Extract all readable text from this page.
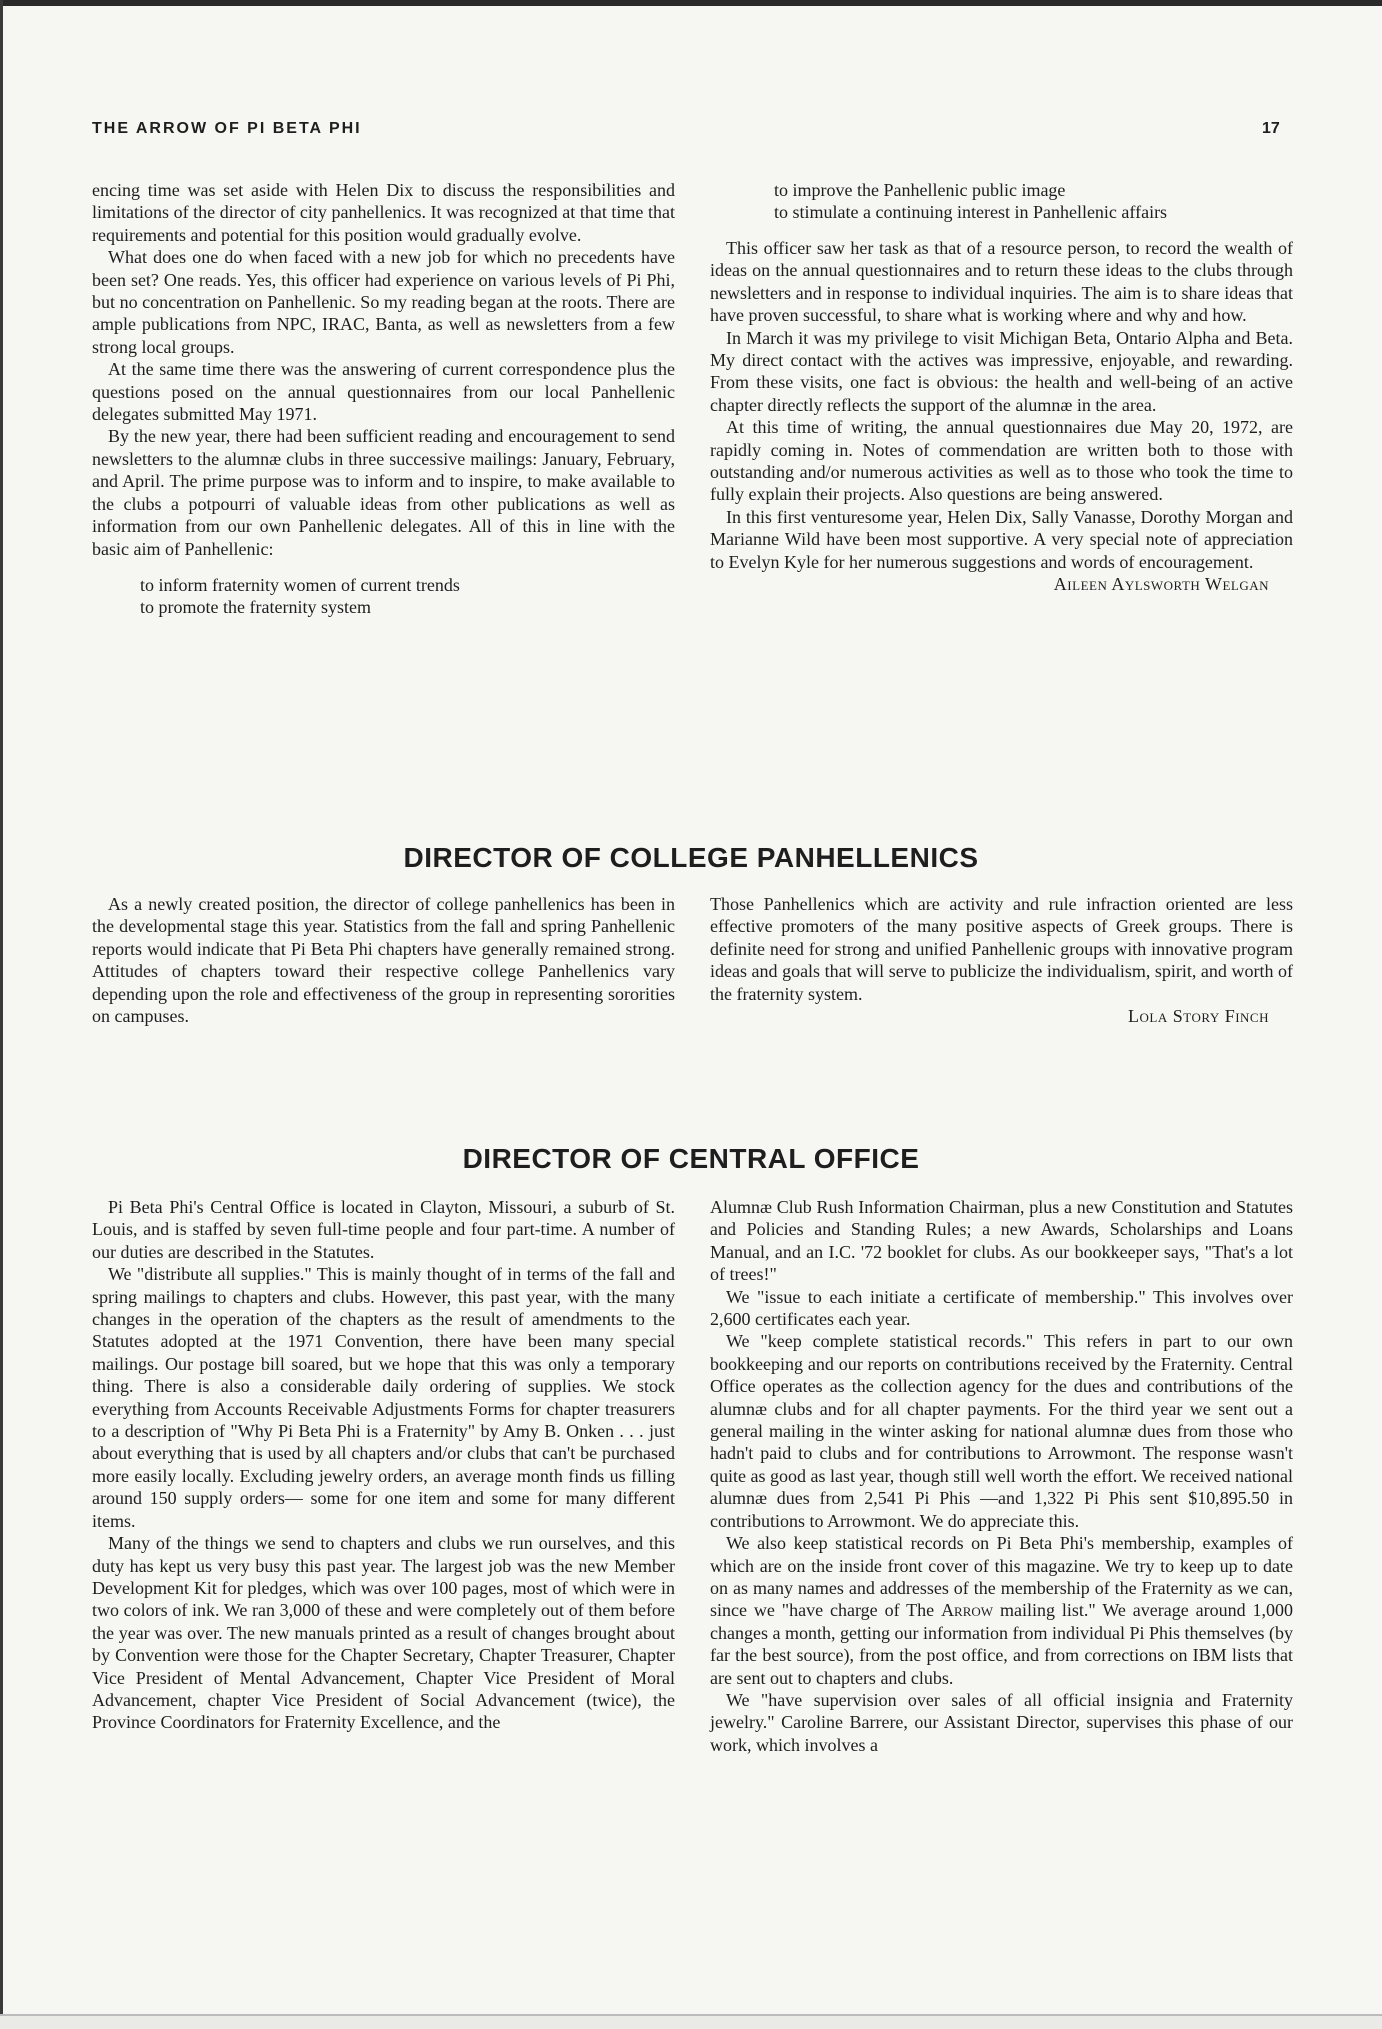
THE ARROW OF PI BETA PHI	17

encing time was set aside with Helen Dix to discuss the responsibilities and limitations of the director of city panhellenics. It was recognized at that time that requirements and potential for this position would gradually evolve.

What does one do when faced with a new job for which no precedents have been set? One reads. Yes, this officer had experience on various levels of Pi Phi, but no concentration on Panhellenic. So my reading began at the roots. There are ample publications from NPC, IRAC, Banta, as well as newsletters from a few strong local groups.

At the same time there was the answering of current correspondence plus the questions posed on the annual questionnaires from our local Panhellenic delegates submitted May 1971.

By the new year, there had been sufficient reading and encouragement to send newsletters to the alumnæ clubs in three successive mailings: January, February, and April. The prime purpose was to inform and to inspire, to make available to the clubs a potpourri of valuable ideas from other publications as well as information from our own Panhellenic delegates. All of this in line with the basic aim of Panhellenic:

to inform fraternity women of current trends
to promote the fraternity system
to improve the Panhellenic public image
to stimulate a continuing interest in Panhellenic affairs

This officer saw her task as that of a resource person, to record the wealth of ideas on the annual questionnaires and to return these ideas to the clubs through newsletters and in response to individual inquiries. The aim is to share ideas that have proven successful, to share what is working where and why and how.

In March it was my privilege to visit Michigan Beta, Ontario Alpha and Beta. My direct contact with the actives was impressive, enjoyable, and rewarding. From these visits, one fact is obvious: the health and well-being of an active chapter directly reflects the support of the alumnæ in the area.

At this time of writing, the annual questionnaires due May 20, 1972, are rapidly coming in. Notes of commendation are written both to those with outstanding and/or numerous activities as well as to those who took the time to fully explain their projects. Also questions are being answered.

In this first venturesome year, Helen Dix, Sally Vanasse, Dorothy Morgan and Marianne Wild have been most supportive. A very special note of appreciation to Evelyn Kyle for her numerous suggestions and words of encouragement.

Aileen Aylsworth Welgan
DIRECTOR OF COLLEGE PANHELLENICS

As a newly created position, the director of college panhellenics has been in the developmental stage this year. Statistics from the fall and spring Panhellenic reports would indicate that Pi Beta Phi chapters have generally remained strong. Attitudes of chapters toward their respective college Panhellenics vary depending upon the role and effectiveness of the group in representing sororities on campuses.

Those Panhellenics which are activity and rule infraction oriented are less effective promoters of the many positive aspects of Greek groups. There is definite need for strong and unified Panhellenic groups with innovative program ideas and goals that will serve to publicize the individualism, spirit, and worth of the fraternity system.

Lola Story Finch
DIRECTOR OF CENTRAL OFFICE

Pi Beta Phi's Central Office is located in Clayton, Missouri, a suburb of St. Louis, and is staffed by seven full-time people and four part-time. A number of our duties are described in the Statutes.

We "distribute all supplies." This is mainly thought of in terms of the fall and spring mailings to chapters and clubs. However, this past year, with the many changes in the operation of the chapters as the result of amendments to the Statutes adopted at the 1971 Convention, there have been many special mailings. Our postage bill soared, but we hope that this was only a temporary thing. There is also a considerable daily ordering of supplies. We stock everything from Accounts Receivable Adjustments Forms for chapter treasurers to a description of "Why Pi Beta Phi is a Fraternity" by Amy B. Onken . . . just about everything that is used by all chapters and/or clubs that can't be purchased more easily locally. Excluding jewelry orders, an average month finds us filling around 150 supply orders— some for one item and some for many different items.

Many of the things we send to chapters and clubs we run ourselves, and this duty has kept us very busy this past year. The largest job was the new Member Development Kit for pledges, which was over 100 pages, most of which were in two colors of ink. We ran 3,000 of these and were completely out of them before the year was over. The new manuals printed as a result of changes brought about by Convention were those for the Chapter Secretary, Chapter Treasurer, Chapter Vice President of Mental Advancement, Chapter Vice President of Moral Advancement, chapter Vice President of Social Advancement (twice), the Province Coordinators for Fraternity Excellence, and the

Alumnæ Club Rush Information Chairman, plus a new Constitution and Statutes and Policies and Standing Rules; a new Awards, Scholarships and Loans Manual, and an I.C. '72 booklet for clubs. As our bookkeeper says, "That's a lot of trees!"

We "issue to each initiate a certificate of membership." This involves over 2,600 certificates each year.

We "keep complete statistical records." This refers in part to our own bookkeeping and our reports on contributions received by the Fraternity. Central Office operates as the collection agency for the dues and contributions of the alumnæ clubs and for all chapter payments. For the third year we sent out a general mailing in the winter asking for national alumnæ dues from those who hadn't paid to clubs and for contributions to Arrowmont. The response wasn't quite as good as last year, though still well worth the effort. We received national alumnæ dues from 2,541 Pi Phis —and 1,322 Pi Phis sent $10,895.50 in contributions to Arrowmont. We do appreciate this.

We also keep statistical records on Pi Beta Phi's membership, examples of which are on the inside front cover of this magazine. We try to keep up to date on as many names and addresses of the membership of the Fraternity as we can, since we "have charge of The Arrow mailing list." We average around 1,000 changes a month, getting our information from individual Pi Phis themselves (by far the best source), from the post office, and from corrections on IBM lists that are sent out to chapters and clubs.

We "have supervision over sales of all official insignia and Fraternity jewelry." Caroline Barrere, our Assistant Director, supervises this phase of our work, which involves a
